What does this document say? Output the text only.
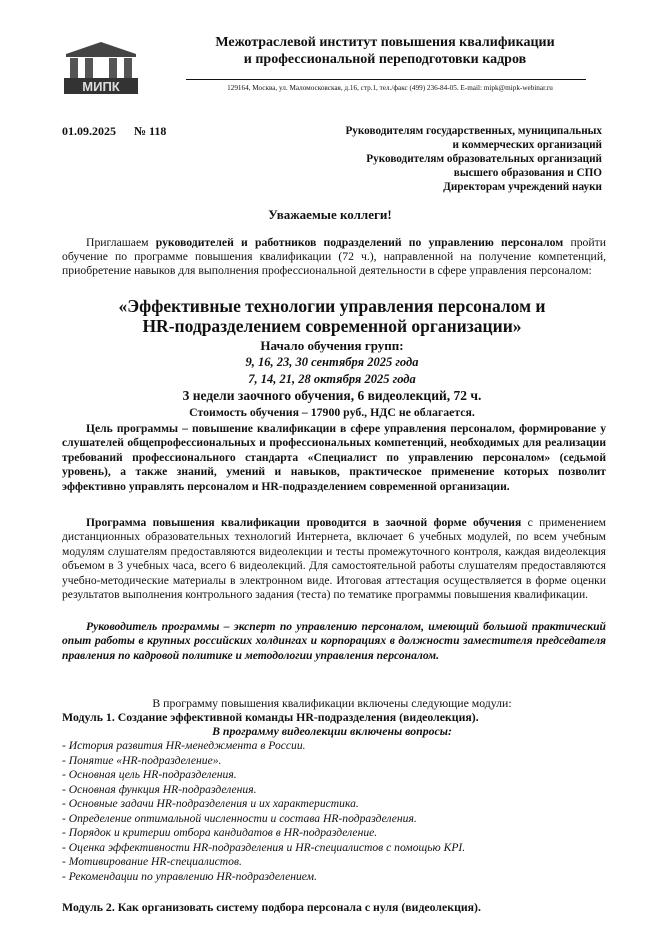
МИПК
Межотраслевой институт повышения квалификации
и профессиональной переподготовки кадров
129164, Москва, ул. Маломосковская, д.16, стр.1, тел./факс (499) 236-84-05. E-mail: mipk@mipk-webinar.ru
01.09.2025 № 118	Руководителям государственных, муниципальных
и коммерческих организаций
Руководителям образовательных организаций
высшего образования и СПО
Директорам учреждений науки
Уважаемые коллеги!
Приглашаем руководителей и работников подразделений по управлению персоналом пройти обучение по программе повышения квалификации (72 ч.), направленной на получение компетенций, приобретение навыков для выполнения профессиональной деятельности в сфере управления персоналом:
«Эффективные технологии управления персоналом и
HR-подразделением современной организации»
Начало обучения групп:
9, 16, 23, 30 сентября 2025 года
7, 14, 21, 28 октября 2025 года
3 недели заочного обучения, 6 видеолекций, 72 ч.
Стоимость обучения – 17900 руб., НДС не облагается.
Цель программы – повышение квалификации в сфере управления персоналом, формирование у слушателей общепрофессиональных и профессиональных компетенций, необходимых для реализации требований профессионального стандарта «Специалист по управлению персоналом» (седьмой уровень), а также знаний, умений и навыков, практическое применение которых позволит эффективно управлять персоналом и HR-подразделением современной организации.
Программа повышения квалификации проводится в заочной форме обучения с применением дистанционных образовательных технологий Интернета, включает 6 учебных модулей, по всем учебным модулям слушателям предоставляются видеолекции и тесты промежуточного контроля, каждая видеолекция объемом в 3 учебных часа, всего 6 видеолекций. Для самостоятельной работы слушателям предоставляются учебно-методические материалы в электронном виде. Итоговая аттестация осуществляется в форме оценки результатов выполнения контрольного задания (теста) по тематике программы повышения квалификации.
Руководитель программы – эксперт по управлению персоналом, имеющий большой практический опыт работы в крупных российских холдингах и корпорациях в должности заместителя председателя правления по кадровой политике и методологии управления персоналом.
В программу повышения квалификации включены следующие модули:
Модуль 1. Создание эффективной команды HR-подразделения (видеолекция).
В программу видеолекции включены вопросы:
- История развития HR-менеджмента в России.
- Понятие «HR-подразделение».
- Основная цель HR-подразделения.
- Основная функция HR-подразделения.
- Основные задачи HR-подразделения и их характеристика.
- Определение оптимальной численности и состава HR-подразделения.
- Порядок и критерии отбора кандидатов в HR-подразделение.
- Оценка эффективности HR-подразделения и HR-специалистов с помощью KPI.
- Мотивирование HR-специалистов.
- Рекомендации по управлению HR-подразделением.
Модуль 2. Как организовать систему подбора персонала с нуля (видеолекция).
